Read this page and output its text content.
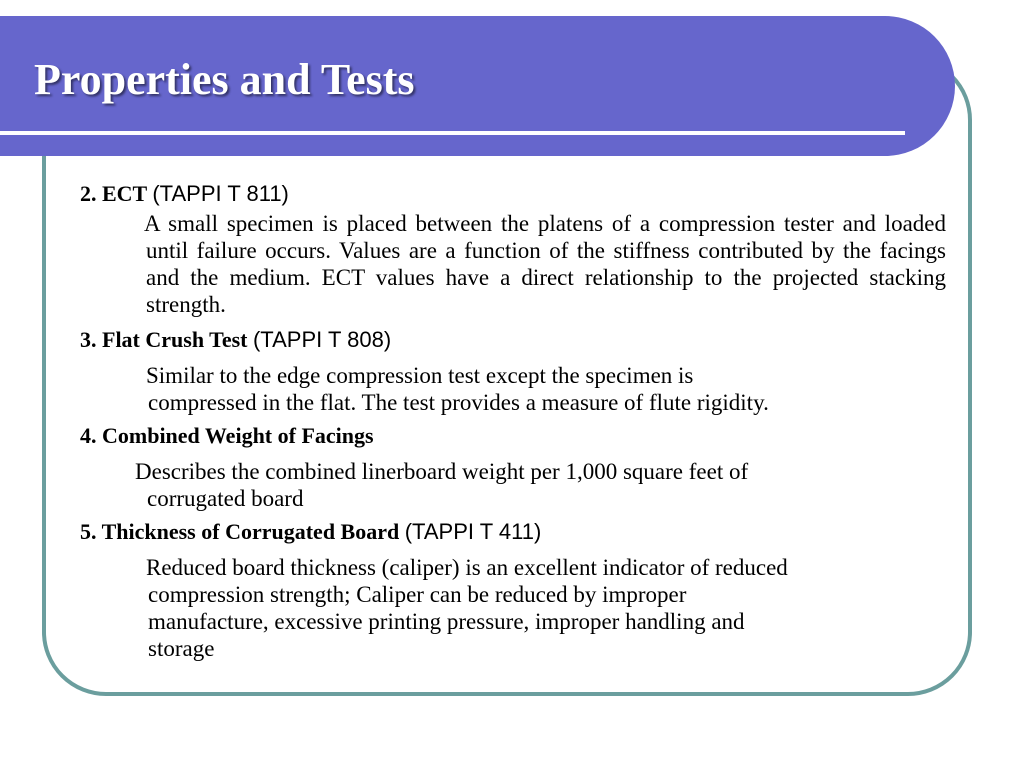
Properties and Tests

2. ECT (TAPPI T 811)

A small specimen is placed between the platens of a compression tester and loaded until failure occurs. Values are a function of the stiffness contributed by the facings and the medium. ECT values have a direct relationship to the projected stacking strength.

3. Flat Crush Test (TAPPI T 808)

Similar to the edge compression test except the specimen is

compressed in the flat. The test provides a measure of flute rigidity.

4. Combined Weight of Facings

Describes the combined linerboard weight per 1,000 square feet of

corrugated board

5. Thickness of Corrugated Board (TAPPI T 411)

Reduced board thickness (caliper) is an excellent indicator of reduced

compression strength; Caliper can be reduced by improper

manufacture, excessive printing pressure, improper handling and

storage
